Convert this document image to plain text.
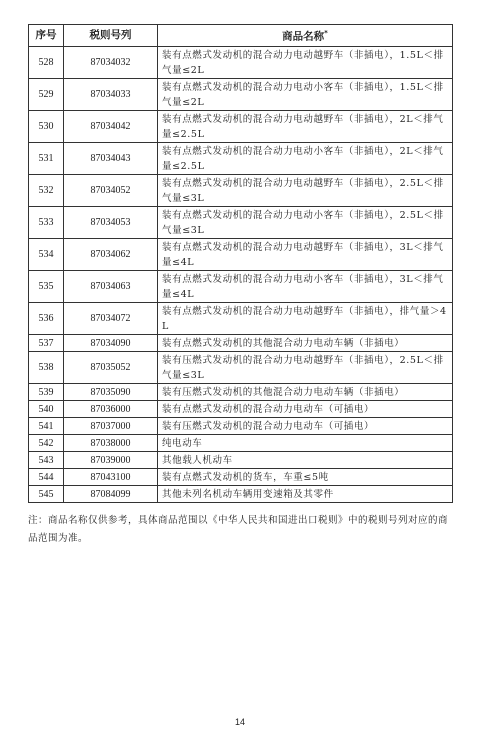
序号	税则号列	商品名称*
528	87034032	装有点燃式发动机的混合动力电动越野车（非插电），1.5L＜排气量≤2L
529	87034033	装有点燃式发动机的混合动力电动小客车（非插电），1.5L＜排气量≤2L
530	87034042	装有点燃式发动机的混合动力电动越野车（非插电），2L＜排气量≤2.5L
531	87034043	装有点燃式发动机的混合动力电动小客车（非插电），2L＜排气量≤2.5L
532	87034052	装有点燃式发动机的混合动力电动越野车（非插电），2.5L＜排气量≤3L
533	87034053	装有点燃式发动机的混合动力电动小客车（非插电），2.5L＜排气量≤3L
534	87034062	装有点燃式发动机的混合动力电动越野车（非插电），3L＜排气量≤4L
535	87034063	装有点燃式发动机的混合动力电动小客车（非插电），3L＜排气量≤4L
536	87034072	装有点燃式发动机的混合动力电动越野车（非插电），排气量＞4L
537	87034090	装有点燃式发动机的其他混合动力电动车辆（非插电）
538	87035052	装有压燃式发动机的混合动力电动越野车（非插电），2.5L＜排气量≤3L
539	87035090	装有压燃式发动机的其他混合动力电动车辆（非插电）
540	87036000	装有点燃式发动机的混合动力电动车（可插电）
541	87037000	装有压燃式发动机的混合动力电动车（可插电）
542	87038000	纯电动车
543	87039000	其他载人机动车
544	87043100	装有点燃式发动机的货车，车重≤5吨
545	87084099	其他未列名机动车辆用变速箱及其零件
注：商品名称仅供参考，具体商品范围以《中华人民共和国进出口税则》中的税则号列对应的商品范围为准。
14
